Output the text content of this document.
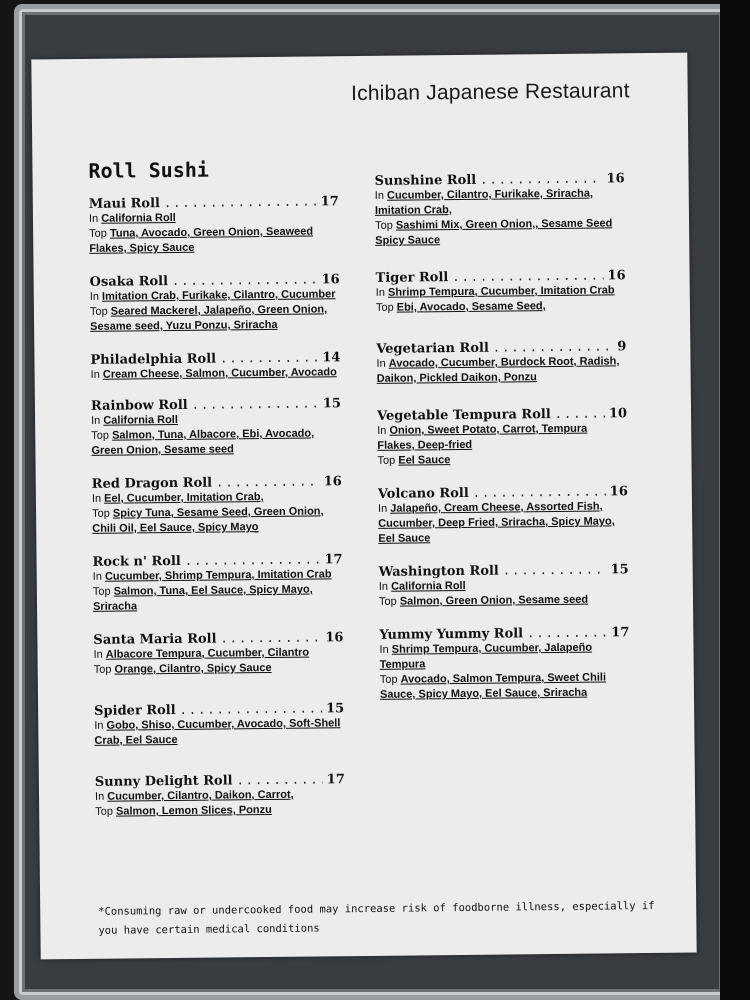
Ichiban Japanese Restaurant
Roll Sushi
Maui Roll .....	17
In California Roll
Top Tuna, Avocado, Green Onion, Seaweed Flakes, Spicy Sauce
Osaka Roll .....	16
In Imitation Crab, Furikake, Cilantro, Cucumber
Top Seared Mackerel, Jalapeño, Green Onion, Sesame seed, Yuzu Ponzu, Sriracha
Philadelphia Roll .....	14
In Cream Cheese, Salmon, Cucumber, Avocado
Rainbow Roll .....	15
In California Roll
Top Salmon, Tuna, Albacore, Ebi, Avocado, Green Onion, Sesame seed
Red Dragon Roll .....	16
In Eel, Cucumber, Imitation Crab,
Top Spicy Tuna, Sesame Seed, Green Onion, Chili Oil, Eel Sauce, Spicy Mayo
Rock n' Roll .....	17
In Cucumber, Shrimp Tempura, Imitation Crab
Top Salmon, Tuna, Eel Sauce, Spicy Mayo, Sriracha
Santa Maria Roll .....	16
In Albacore Tempura, Cucumber, Cilantro
Top Orange, Cilantro, Spicy Sauce
Spider Roll .....	15
In Gobo, Shiso, Cucumber, Avocado, Soft-Shell Crab, Eel Sauce
Sunny Delight Roll .....	17
In Cucumber, Cilantro, Daikon, Carrot,
Top Salmon, Lemon Slices, Ponzu
Sunshine Roll .....	16
In Cucumber, Cilantro, Furikake, Sriracha, Imitation Crab,
Top Sashimi Mix, Green Onion,, Sesame Seed Spicy Sauce
Tiger Roll .....	16
In Shrimp Tempura, Cucumber, Imitation Crab
Top Ebi, Avocado, Sesame Seed,
Vegetarian Roll .....	9
In Avocado, Cucumber, Burdock Root, Radish, Daikon, Pickled Daikon, Ponzu
Vegetable Tempura Roll .....	10
In Onion, Sweet Potato, Carrot, Tempura Flakes, Deep-fried
Top Eel Sauce
Volcano Roll .....	16
In Jalapeño, Cream Cheese, Assorted Fish, Cucumber, Deep Fried, Sriracha, Spicy Mayo, Eel Sauce
Washington Roll .....	15
In California Roll
Top Salmon, Green Onion, Sesame seed
Yummy Yummy Roll .....	17
In Shrimp Tempura, Cucumber, Jalapeño Tempura
Top Avocado, Salmon Tempura, Sweet Chili Sauce, Spicy Mayo, Eel Sauce, Sriracha
*Consuming raw or undercooked food may increase risk of foodborne illness, especially if you have certain medical conditions
